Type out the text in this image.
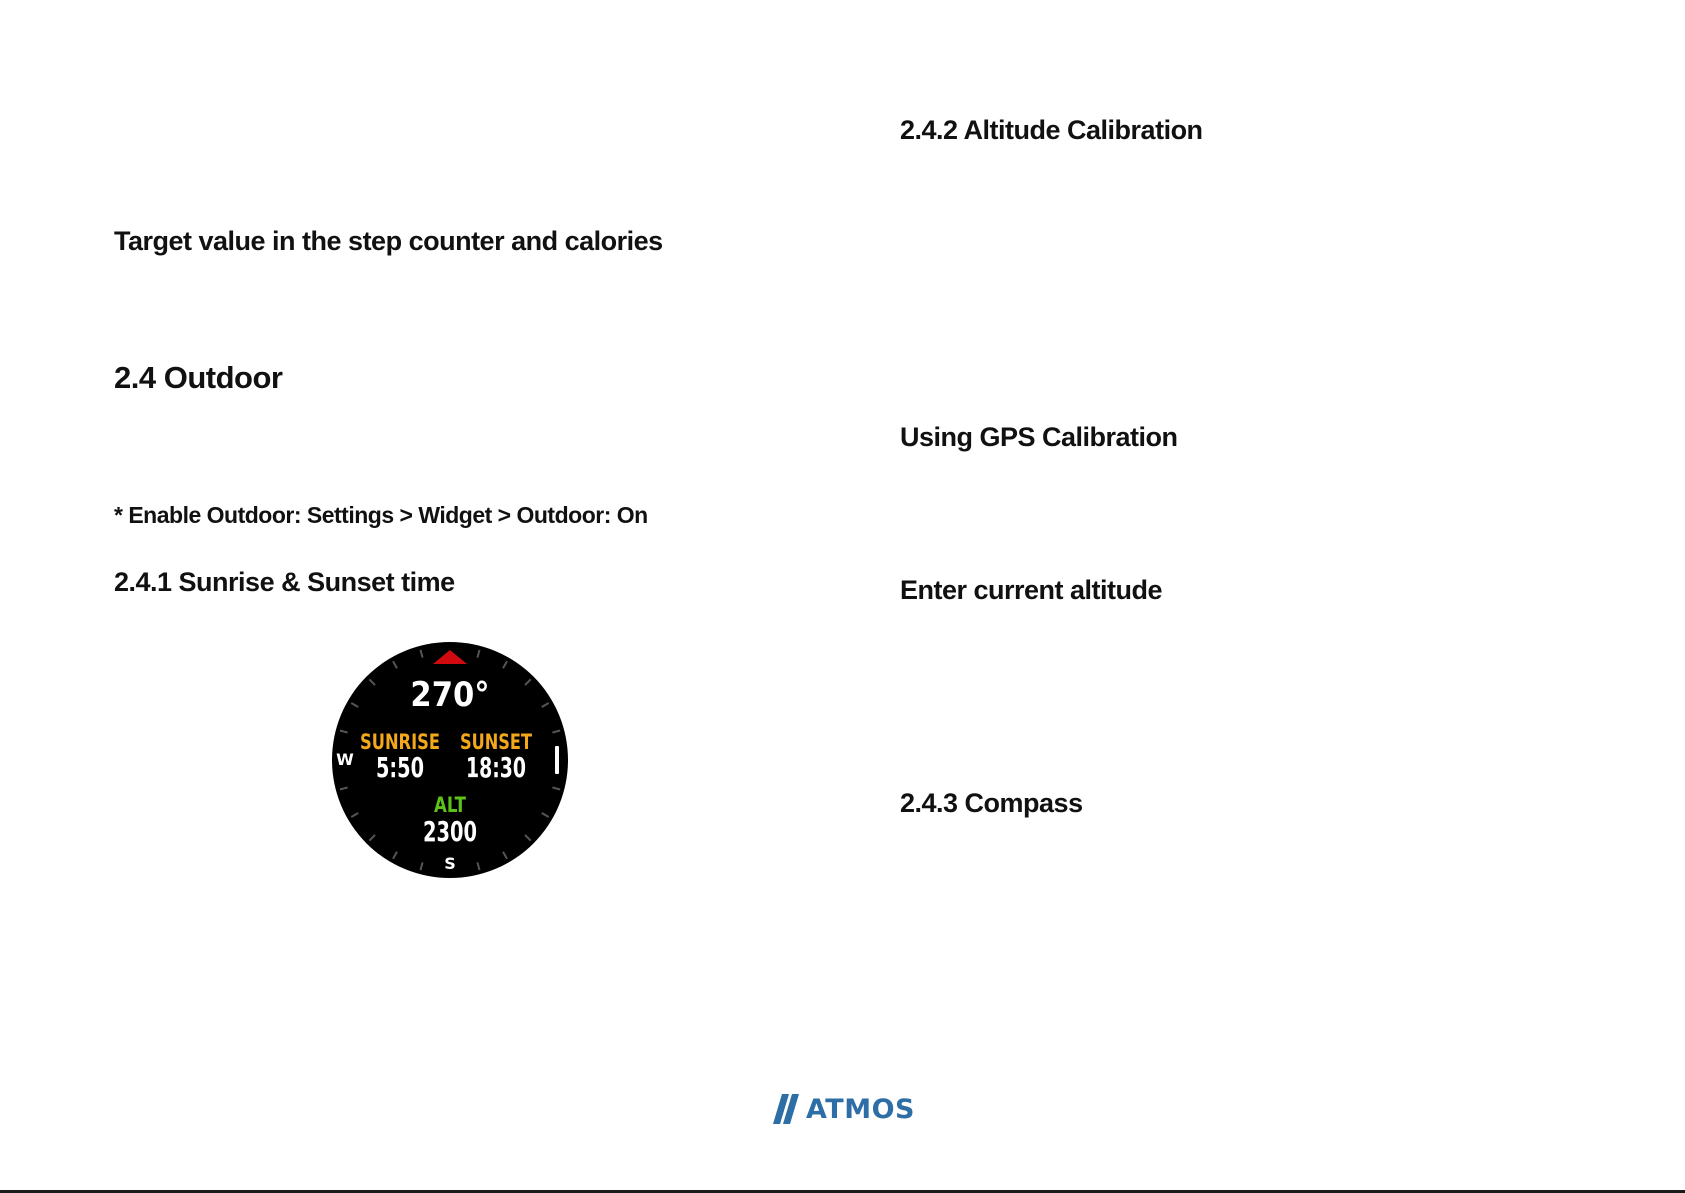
Target value in the step counter and calories
2.4 Outdoor

* Enable Outdoor: Settings > Widget > Outdoor: On

2.4.1 Sunrise & Sunset time
270°
SUNRISE SUNSET
5:50 18:30
ALT
2300
W
S
2.4.2 Altitude Calibration
Using GPS Calibration
Enter current altitude
2.4.3 Compass
ATMOS
